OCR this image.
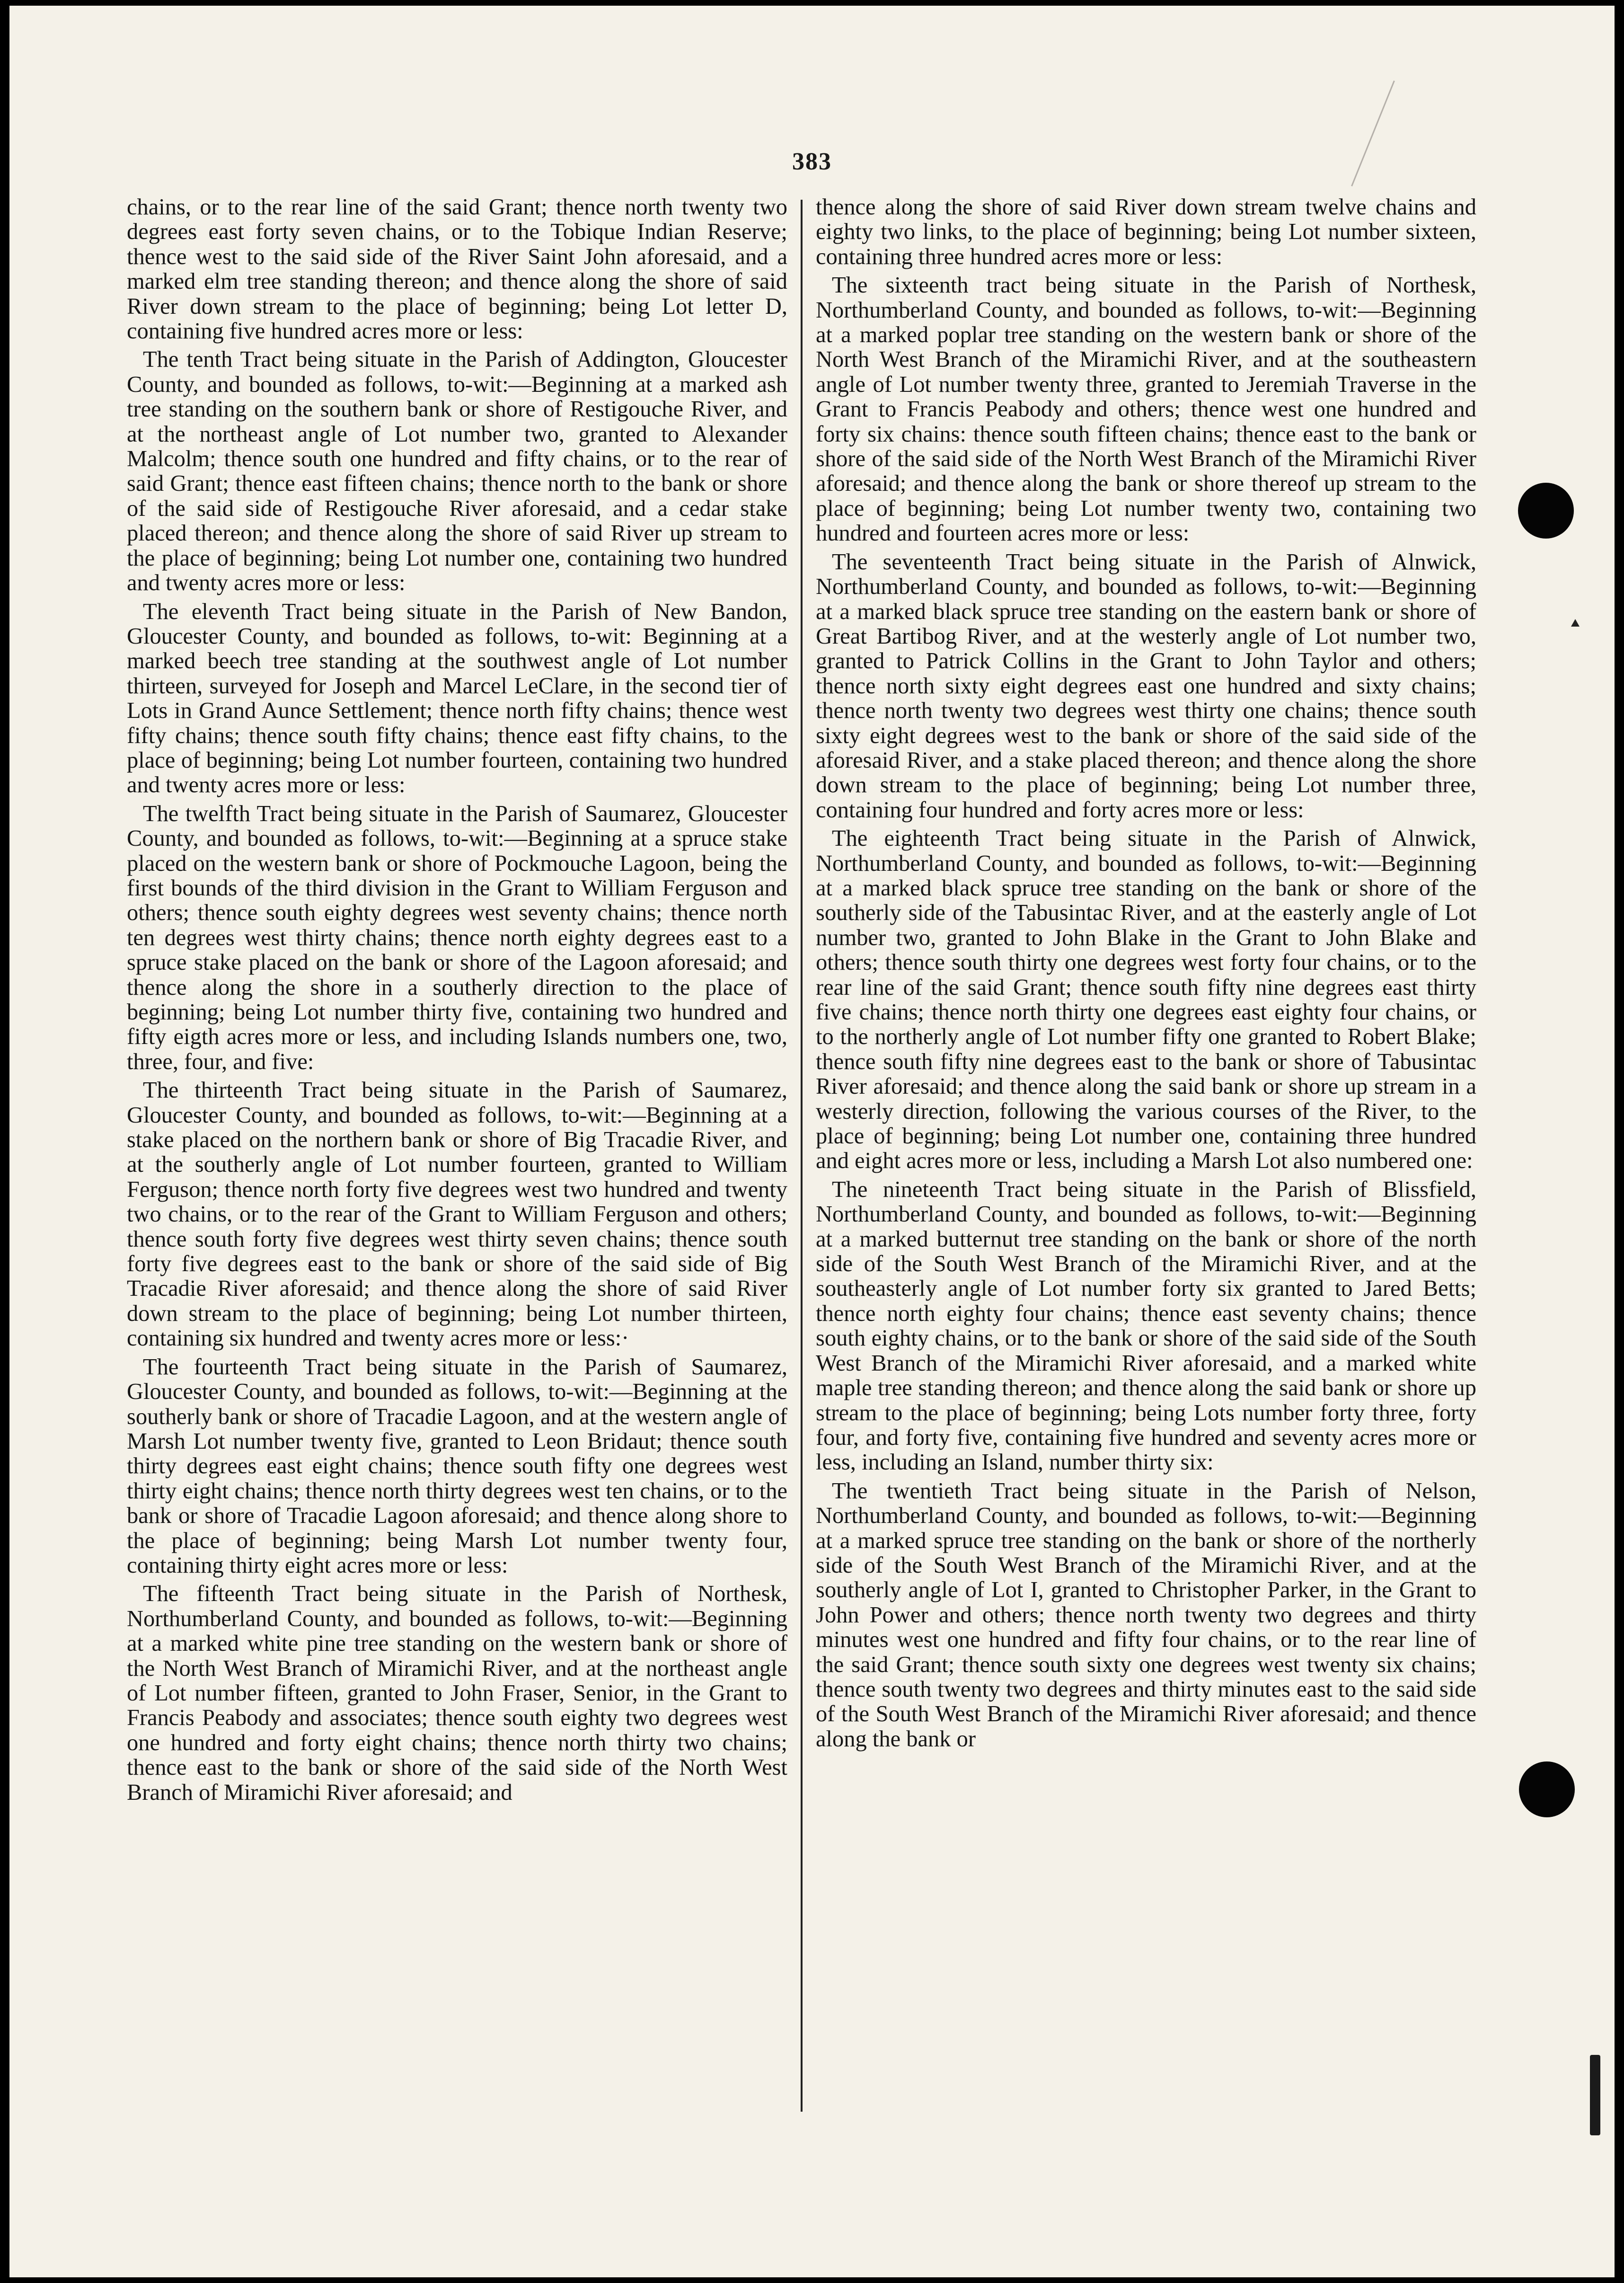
383

chains, or to the rear line of the said Grant; thence north twenty two degrees east forty seven chains, or to the Tobique Indian Reserve; thence west to the said side of the River Saint John aforesaid, and a marked elm tree standing thereon; and thence along the shore of said River down stream to the place of beginning; being Lot letter D, containing five hundred acres more or less:

The tenth Tract being situate in the Parish of Addington, Gloucester County, and bounded as follows, to-wit:—Beginning at a marked ash tree standing on the southern bank or shore of Restigouche River, and at the northeast angle of Lot number two, granted to Alexander Malcolm; thence south one hundred and fifty chains, or to the rear of said Grant; thence east fifteen chains; thence north to the bank or shore of the said side of Restigouche River aforesaid, and a cedar stake placed thereon; and thence along the shore of said River up stream to the place of beginning; being Lot number one, containing two hundred and twenty acres more or less:

The eleventh Tract being situate in the Parish of New Bandon, Gloucester County, and bounded as follows, to-wit: Beginning at a marked beech tree standing at the southwest angle of Lot number thirteen, surveyed for Joseph and Marcel LeClare, in the second tier of Lots in Grand Aunce Settlement; thence north fifty chains; thence west fifty chains; thence south fifty chains; thence east fifty chains, to the place of beginning; being Lot number fourteen, containing two hundred and twenty acres more or less:

The twelfth Tract being situate in the Parish of Saumarez, Gloucester County, and bounded as follows, to-wit:—Beginning at a spruce stake placed on the western bank or shore of Pockmouche Lagoon, being the first bounds of the third division in the Grant to William Ferguson and others; thence south eighty degrees west seventy chains; thence north ten degrees west thirty chains; thence north eighty degrees east to a spruce stake placed on the bank or shore of the Lagoon aforesaid; and thence along the shore in a southerly direction to the place of beginning; being Lot number thirty five, containing two hundred and fifty eigth acres more or less, and including Islands numbers one, two, three, four, and five:

The thirteenth Tract being situate in the Parish of Saumarez, Gloucester County, and bounded as follows, to-wit:—Beginning at a stake placed on the northern bank or shore of Big Tracadie River, and at the southerly angle of Lot number fourteen, granted to William Ferguson; thence north forty five degrees west two hundred and twenty two chains, or to the rear of the Grant to William Ferguson and others; thence south forty five degrees west thirty seven chains; thence south forty five degrees east to the bank or shore of the said side of Big Tracadie River aforesaid; and thence along the shore of said River down stream to the place of beginning; being Lot number thirteen, containing six hundred and twenty acres more or less:·

The fourteenth Tract being situate in the Parish of Saumarez, Gloucester County, and bounded as follows, to-wit:—Beginning at the southerly bank or shore of Tracadie Lagoon, and at the western angle of Marsh Lot number twenty five, granted to Leon Bridaut; thence south thirty degrees east eight chains; thence south fifty one degrees west thirty eight chains; thence north thirty degrees west ten chains, or to the bank or shore of Tracadie Lagoon aforesaid; and thence along shore to the place of beginning; being Marsh Lot number twenty four, containing thirty eight acres more or less:

The fifteenth Tract being situate in the Parish of Northesk, Northumberland County, and bounded as follows, to-wit:—Beginning at a marked white pine tree standing on the western bank or shore of the North West Branch of Miramichi River, and at the northeast angle of Lot number fifteen, granted to John Fraser, Senior, in the Grant to Francis Peabody and associates; thence south eighty two degrees west one hundred and forty eight chains; thence north thirty two chains; thence east to the bank or shore of the said side of the North West Branch of Miramichi River aforesaid; and

thence along the shore of said River down stream twelve chains and eighty two links, to the place of beginning; being Lot number sixteen, containing three hundred acres more or less:

The sixteenth tract being situate in the Parish of Northesk, Northumberland County, and bounded as follows, to-wit:—Beginning at a marked poplar tree standing on the western bank or shore of the North West Branch of the Miramichi River, and at the southeastern angle of Lot number twenty three, granted to Jeremiah Traverse in the Grant to Francis Peabody and others; thence west one hundred and forty six chains: thence south fifteen chains; thence east to the bank or shore of the said side of the North West Branch of the Miramichi River aforesaid; and thence along the bank or shore thereof up stream to the place of beginning; being Lot number twenty two, containing two hundred and fourteen acres more or less:

The seventeenth Tract being situate in the Parish of Alnwick, Northumberland County, and bounded as follows, to-wit:—Beginning at a marked black spruce tree standing on the eastern bank or shore of Great Bartibog River, and at the westerly angle of Lot number two, granted to Patrick Collins in the Grant to John Taylor and others; thence north sixty eight degrees east one hundred and sixty chains; thence north twenty two degrees west thirty one chains; thence south sixty eight degrees west to the bank or shore of the said side of the aforesaid River, and a stake placed thereon; and thence along the shore down stream to the place of beginning; being Lot number three, containing four hundred and forty acres more or less:

The eighteenth Tract being situate in the Parish of Alnwick, Northumberland County, and bounded as follows, to-wit:—Beginning at a marked black spruce tree standing on the bank or shore of the southerly side of the Tabusintac River, and at the easterly angle of Lot number two, granted to John Blake in the Grant to John Blake and others; thence south thirty one degrees west forty four chains, or to the rear line of the said Grant; thence south fifty nine degrees east thirty five chains; thence north thirty one degrees east eighty four chains, or to the northerly angle of Lot number fifty one granted to Robert Blake; thence south fifty nine degrees east to the bank or shore of Tabusintac River aforesaid; and thence along the said bank or shore up stream in a westerly direction, following the various courses of the River, to the place of beginning; being Lot number one, containing three hundred and eight acres more or less, including a Marsh Lot also numbered one:

The nineteenth Tract being situate in the Parish of Blissfield, Northumberland County, and bounded as follows, to-wit:—Beginning at a marked butternut tree standing on the bank or shore of the north side of the South West Branch of the Miramichi River, and at the southeasterly angle of Lot number forty six granted to Jared Betts; thence north eighty four chains; thence east seventy chains; thence south eighty chains, or to the bank or shore of the said side of the South West Branch of the Miramichi River aforesaid, and a marked white maple tree standing thereon; and thence along the said bank or shore up stream to the place of beginning; being Lots number forty three, forty four, and forty five, containing five hundred and seventy acres more or less, including an Island, number thirty six:

The twentieth Tract being situate in the Parish of Nelson, Northumberland County, and bounded as follows, to-wit:—Beginning at a marked spruce tree standing on the bank or shore of the northerly side of the South West Branch of the Miramichi River, and at the southerly angle of Lot I, granted to Christopher Parker, in the Grant to John Power and others; thence north twenty two degrees and thirty minutes west one hundred and fifty four chains, or to the rear line of the said Grant; thence south sixty one degrees west twenty six chains; thence south twenty two degrees and thirty minutes east to the said side of the South West Branch of the Miramichi River aforesaid; and thence along the bank or
